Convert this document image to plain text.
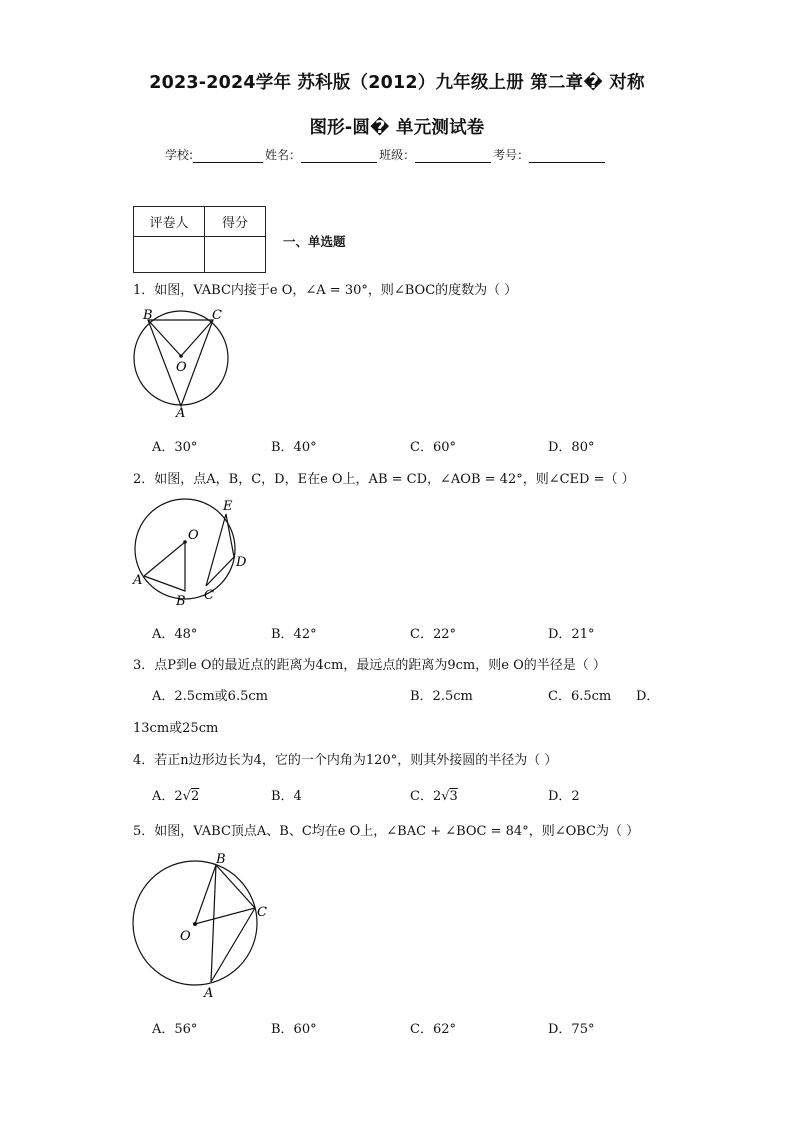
2023-2024学年 苏科版（2012）九年级上册 第二章� 对称
图形-圆� 单元测试卷
学校:	姓名：	班级：	考号：
评卷人	得分

一、单选题
1．如图，VABC内接于e O，∠A = 30°，则∠BOC的度数为（ ）
B	C
O
A
A．30°	B．40°	C．60°	D．80°
2．如图，点A，B，C，D，E在e O上，AB = CD，∠AOB = 42°，则∠CED =（ ）
O
E
A
D
B C
A．48°	B．42°	C．22°	D．21°
3．点P到e O的最近点的距离为4cm，最远点的距离为9cm，则e O的半径是（ ）
A．2.5cm或6.5cm	B．2.5cm	C．6.5cm D．
13cm或25cm
4．若正n边形边长为4，它的一个内角为120°，则其外接圆的半径为（ ）
A．2√2	B．4	C．2√3	D．2
5．如图，VABC顶点A、B、C均在e O上，∠BAC + ∠BOC = 84°，则∠OBC为（ ）
B
C
O
A
A．56°	B．60°	C．62°	D．75°
